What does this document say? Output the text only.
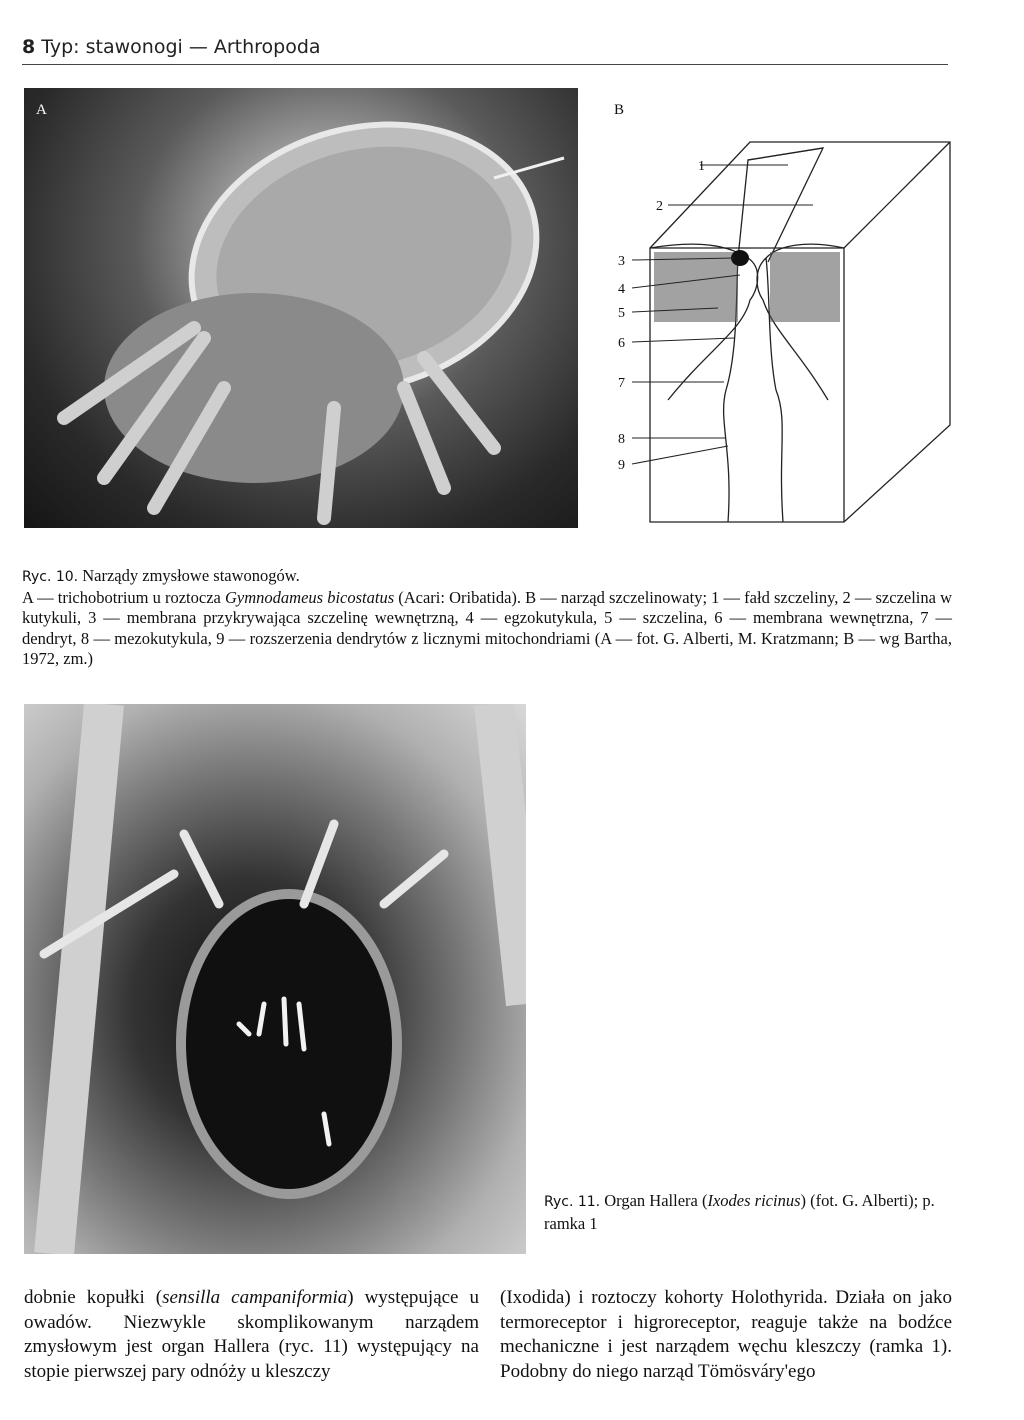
8 Typ: stawonogi — Arthropoda
A	B
1
2
3
4
5
6
7
8
9
Ryc. 10. Narządy zmysłowe stawonogów.
A — trichobotrium u roztocza Gymnodameus bicostatus (Acari: Oribatida). B — narząd szczelinowaty; 1 — fałd szczeliny, 2 — szczelina w kutykuli, 3 — membrana przykrywająca szczelinę wewnętrzną, 4 — egzokutykula, 5 — szczelina, 6 — membrana wewnętrzna, 7 — dendryt, 8 — mezokutykula, 9 — rozszerzenia dendrytów z licznymi mitochondriami (A — fot. G. Alberti, M. Kratzmann; B — wg Bartha, 1972, zm.)
Ryc. 11. Organ Hallera (Ixodes ricinus) (fot. G. Alberti); p. ramka 1
dobnie kopułki (sensilla campaniformia) występujące u owadów. Niezwykle skomplikowanym narządem zmysłowym jest organ Hallera (ryc. 11) występujący na stopie pierwszej pary odnóży u kleszczy
(Ixodida) i roztoczy kohorty Holothyrida. Działa on jako termoreceptor i higroreceptor, reaguje także na bodźce mechaniczne i jest narządem węchu kleszczy (ramka 1). Podobny do niego narząd Tömösváry'ego
